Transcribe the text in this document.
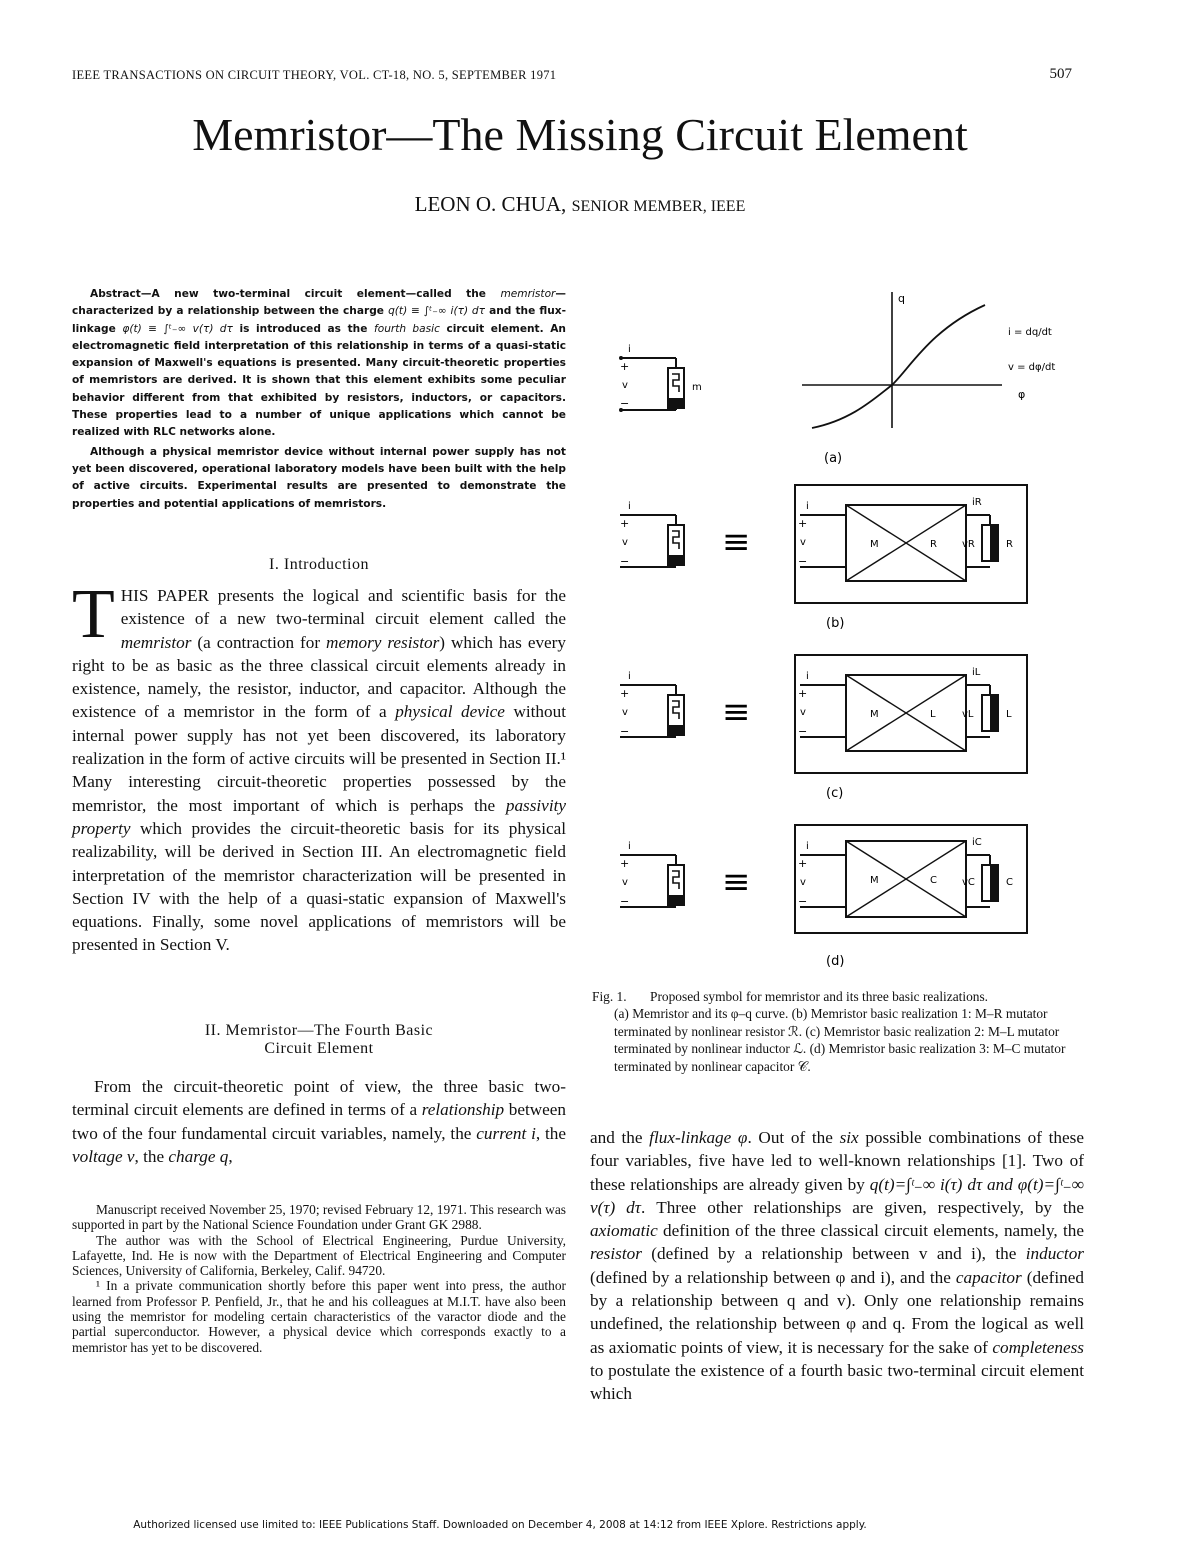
IEEE TRANSACTIONS ON CIRCUIT THEORY, VOL. CT-18, NO. 5, SEPTEMBER 1971	507
Memristor—The Missing Circuit Element
LEON O. CHUA, SENIOR MEMBER, IEEE

Abstract—A new two-terminal circuit element—called the memristor—characterized by a relationship between the charge q(t) ≡ ∫ᵗ₋∞ i(τ) dτ and the flux-linkage φ(t) ≡ ∫ᵗ₋∞ v(τ) dτ is introduced as the fourth basic circuit element. An electromagnetic field interpretation of this relationship in terms of a quasi-static expansion of Maxwell's equations is presented. Many circuit-theoretic properties of memristors are derived. It is shown that this element exhibits some peculiar behavior different from that exhibited by resistors, inductors, or capacitors. These properties lead to a number of unique applications which cannot be realized with RLC networks alone.

Although a physical memristor device without internal power supply has not yet been discovered, operational laboratory models have been built with the help of active circuits. Experimental results are presented to demonstrate the properties and potential applications of memristors.

I. Introduction
THIS PAPER presents the logical and scientific basis for the existence of a new two-terminal circuit element called the memristor (a contraction for memory resistor) which has every right to be as basic as the three classical circuit elements already in existence, namely, the resistor, inductor, and capacitor. Although the existence of a memristor in the form of a physical device without internal power supply has not yet been discovered, its laboratory realization in the form of active circuits will be presented in Section II.¹ Many interesting circuit-theoretic properties possessed by the memristor, the most important of which is perhaps the passivity property which provides the circuit-theoretic basis for its physical realizability, will be derived in Section III. An electromagnetic field interpretation of the memristor characterization will be presented in Section IV with the help of a quasi-static expansion of Maxwell's equations. Finally, some novel applications of memristors will be presented in Section V.
II. Memristor—The Fourth Basic
Circuit Element
From the circuit-theoretic point of view, the three basic two-terminal circuit elements are defined in terms of a relationship between two of the four fundamental circuit variables, namely, the current i, the voltage v, the charge q,

Manuscript received November 25, 1970; revised February 12, 1971. This research was supported in part by the National Science Foundation under Grant GK 2988.

The author was with the School of Electrical Engineering, Purdue University, Lafayette, Ind. He is now with the Department of Electrical Engineering and Computer Sciences, University of California, Berkeley, Calif. 94720.

¹ In a private communication shortly before this paper went into press, the author learned from Professor P. Penfield, Jr., that he and his colleagues at M.I.T. have also been using the memristor for modeling certain characteristics of the varactor diode and the partial superconductor. However, a physical device which corresponds exactly to a memristor has yet to be discovered.

i
+
v
−
m
q
φ
i = dq/dt
v = dφ/dt
(a)
i
+
v
−	≡
i
+
v
−
M	R
iR
vR	R
(b)
i
+
v
−	≡
i
+
v
−
M	L
iL
vL	L
(c)
i
+
v
−	≡
i
+
v
−
M	C
iC
vC	C
(d)
Fig. 1. Proposed symbol for memristor and its three basic realizations.
(a) Memristor and its φ–q curve. (b) Memristor basic realization 1: M–R mutator terminated by nonlinear resistor ℛ. (c) Memristor basic realization 2: M–L mutator terminated by nonlinear inductor ℒ. (d) Memristor basic realization 3: M–C mutator terminated by nonlinear capacitor 𝒞.
and the flux-linkage φ. Out of the six possible combinations of these four variables, five have led to well-known relationships [1]. Two of these relationships are already given by q(t)=∫ᵗ₋∞ i(τ) dτ and φ(t)=∫ᵗ₋∞ v(τ) dτ. Three other relationships are given, respectively, by the axiomatic definition of the three classical circuit elements, namely, the resistor (defined by a relationship between v and i), the inductor (defined by a relationship between φ and i), and the capacitor (defined by a relationship between q and v). Only one relationship remains undefined, the relationship between φ and q. From the logical as well as axiomatic points of view, it is necessary for the sake of completeness to postulate the existence of a fourth basic two-terminal circuit element which
Authorized licensed use limited to: IEEE Publications Staff. Downloaded on December 4, 2008 at 14:12 from IEEE Xplore. Restrictions apply.
